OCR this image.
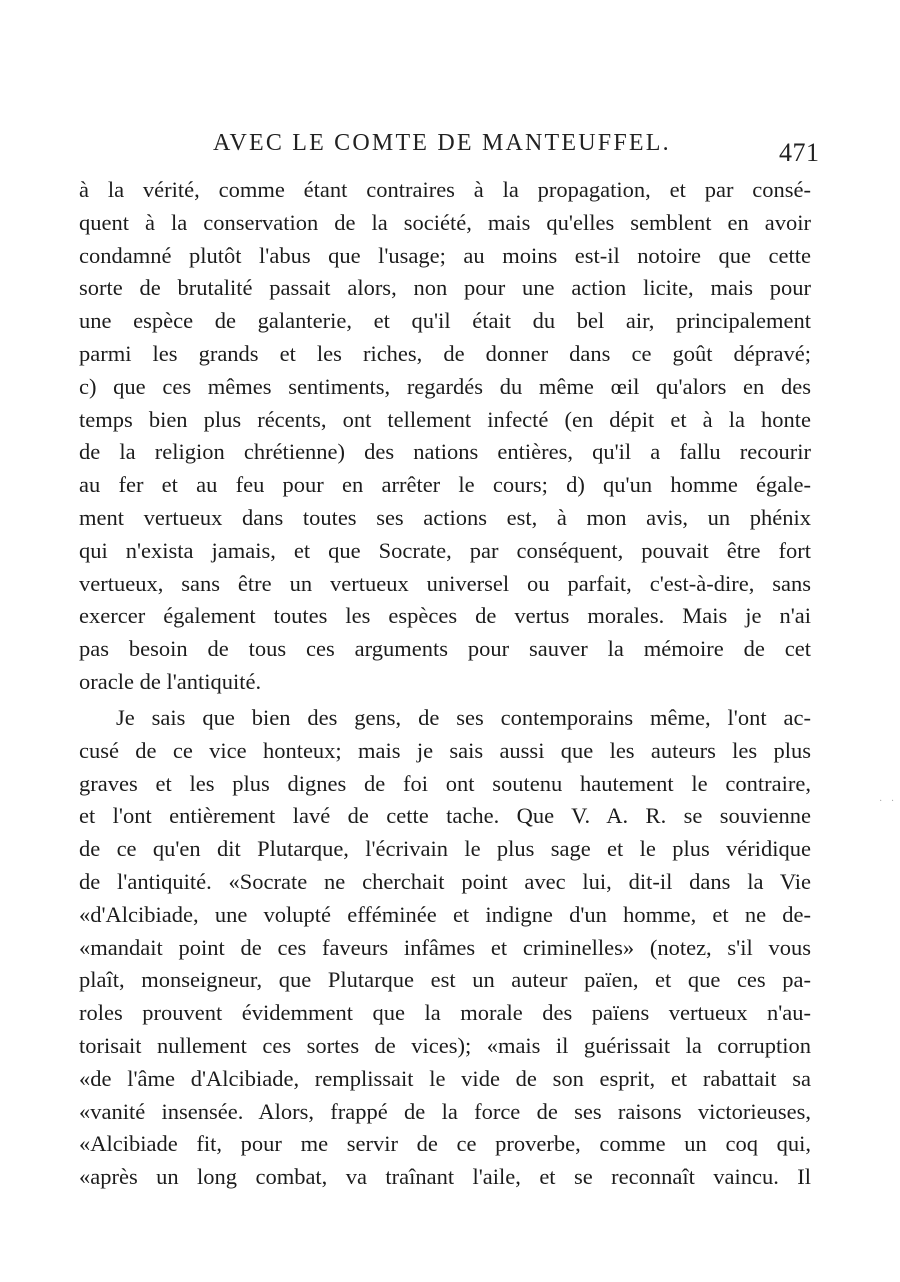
AVEC LE COMTE DE MANTEUFFEL.	471
à la vérité, comme étant contraires à la propagation, et par consé-
quent à la conservation de la société, mais qu'elles semblent en avoir
condamné plutôt l'abus que l'usage; au moins est-il notoire que cette
sorte de brutalité passait alors, non pour une action licite, mais pour
une espèce de galanterie, et qu'il était du bel air, principalement
parmi les grands et les riches, de donner dans ce goût dépravé;
c) que ces mêmes sentiments, regardés du même œil qu'alors en des
temps bien plus récents, ont tellement infecté (en dépit et à la honte
de la religion chrétienne) des nations entières, qu'il a fallu recourir
au fer et au feu pour en arrêter le cours; d) qu'un homme égale-
ment vertueux dans toutes ses actions est, à mon avis, un phénix
qui n'exista jamais, et que Socrate, par conséquent, pouvait être fort
vertueux, sans être un vertueux universel ou parfait, c'est-à-dire, sans
exercer également toutes les espèces de vertus morales. Mais je n'ai
pas besoin de tous ces arguments pour sauver la mémoire de cet
oracle de l'antiquité.
Je sais que bien des gens, de ses contemporains même, l'ont ac-
cusé de ce vice honteux; mais je sais aussi que les auteurs les plus
graves et les plus dignes de foi ont soutenu hautement le contraire,
et l'ont entièrement lavé de cette tache. Que V. A. R. se souvienne
de ce qu'en dit Plutarque, l'écrivain le plus sage et le plus véridique
de l'antiquité. «Socrate ne cherchait point avec lui, dit-il dans la Vie
«d'Alcibiade, une volupté efféminée et indigne d'un homme, et ne de-
«mandait point de ces faveurs infâmes et criminelles» (notez, s'il vous
plaît, monseigneur, que Plutarque est un auteur païen, et que ces pa-
roles prouvent évidemment que la morale des païens vertueux n'au-
torisait nullement ces sortes de vices); «mais il guérissait la corruption
«de l'âme d'Alcibiade, remplissait le vide de son esprit, et rabattait sa
«vanité insensée. Alors, frappé de la force de ses raisons victorieuses,
«Alcibiade fit, pour me servir de ce proverbe, comme un coq qui,
«après un long combat, va traînant l'aile, et se reconnaît vaincu. Il
· ·
